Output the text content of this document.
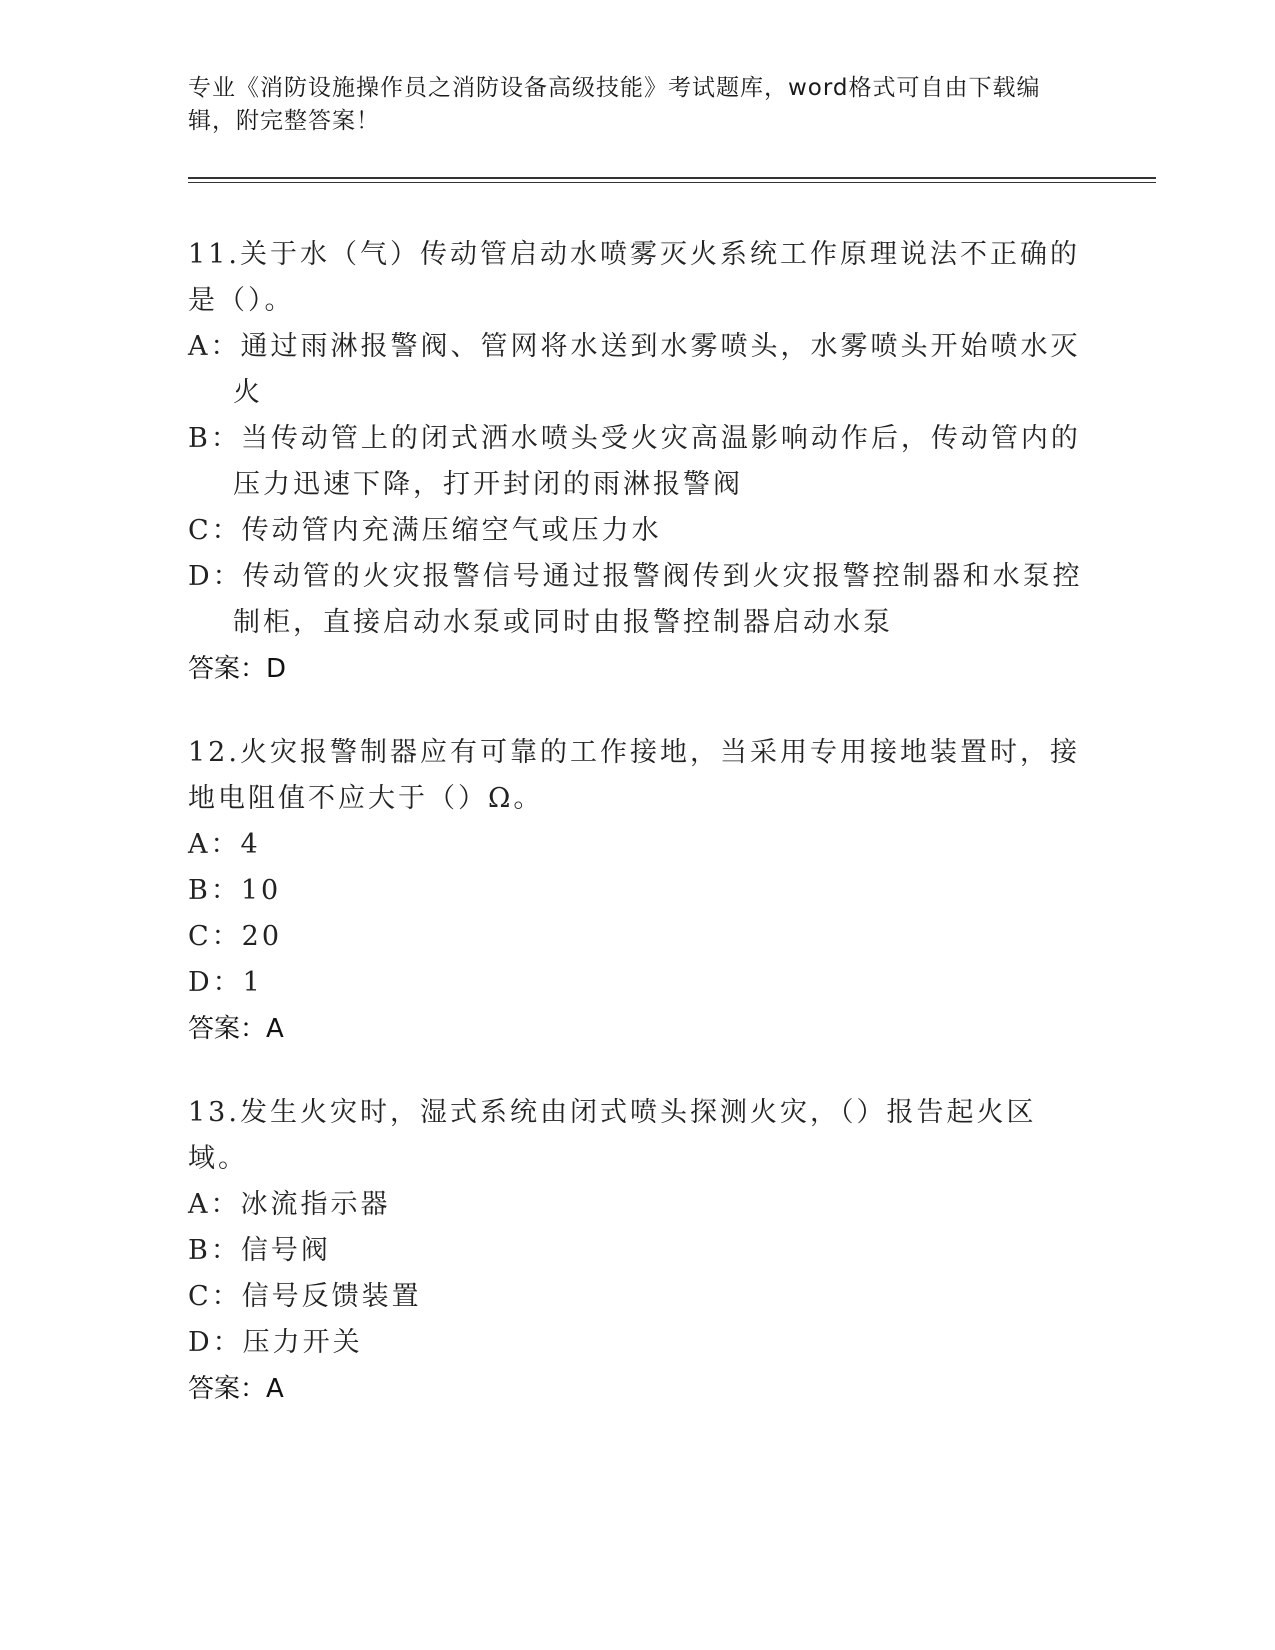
专业《消防设施操作员之消防设备高级技能》考试题库，word格式可自由下载编辑，附完整答案！
11.关于水（气）传动管启动水喷雾灭火系统工作原理说法不正确的是（）。
A：通过雨淋报警阀、管网将水送到水雾喷头，水雾喷头开始喷水灭火
B：当传动管上的闭式洒水喷头受火灾高温影响动作后，传动管内的压力迅速下降，打开封闭的雨淋报警阀
C：传动管内充满压缩空气或压力水
D：传动管的火灾报警信号通过报警阀传到火灾报警控制器和水泵控制柜，直接启动水泵或同时由报警控制器启动水泵
答案：D
12.火灾报警制器应有可靠的工作接地，当采用专用接地装置时，接地电阻值不应大于（）Ω。
A：4
B：10
C：20
D：1
答案：A
13.发生火灾时，湿式系统由闭式喷头探测火灾，（）报告起火区域。
A：冰流指示器
B：信号阀
C：信号反馈装置
D：压力开关
答案：A
